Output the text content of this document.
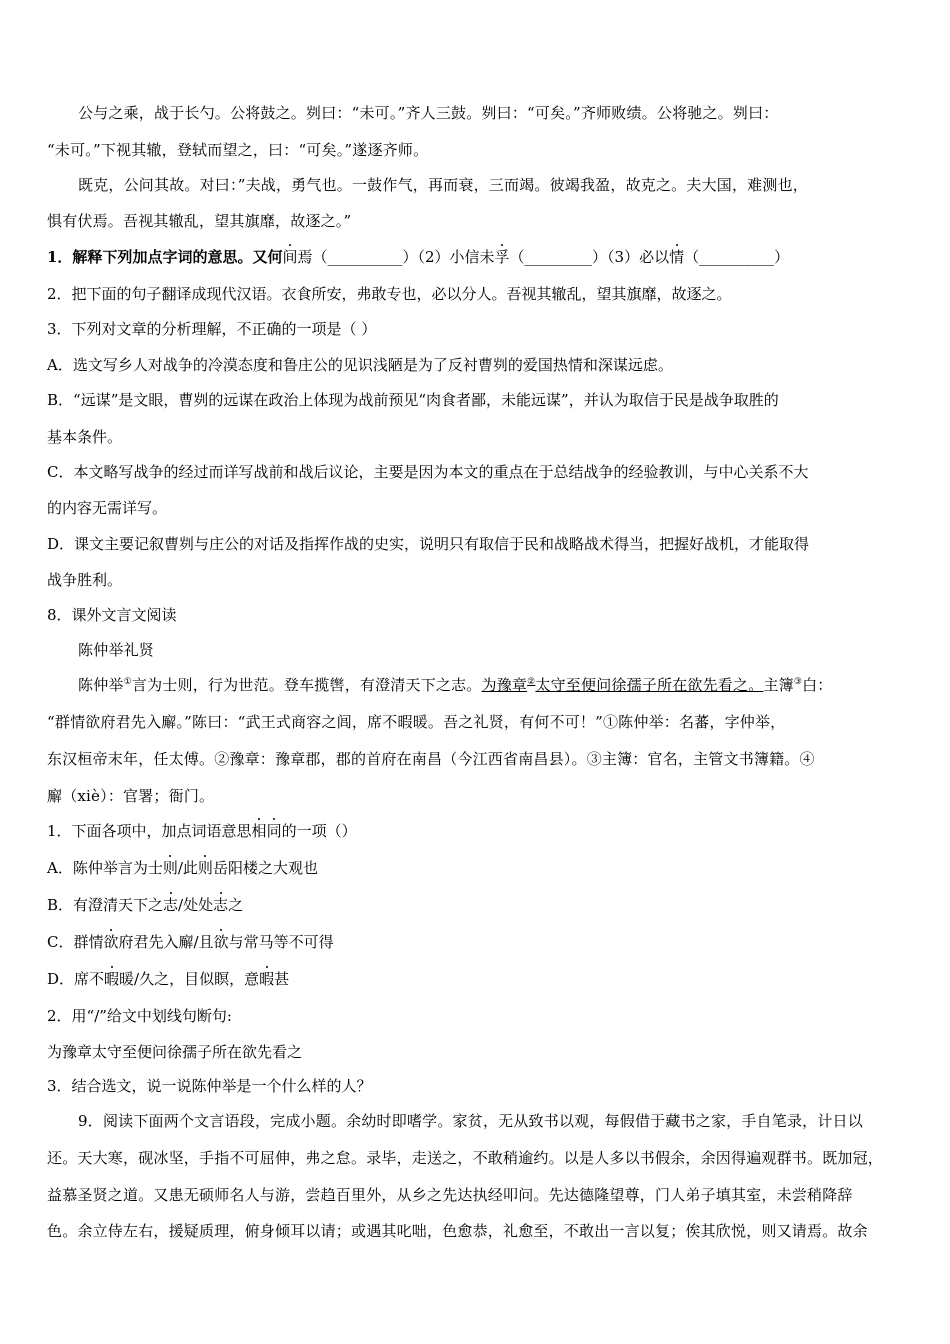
公与之乘，战于长勺。公将鼓之。刿曰：“未可。”齐人三鼓。刿曰：“可矣。”齐师败绩。公将驰之。刿曰：
“未可。”下视其辙，登轼而望之，曰：“可矣。”遂逐齐师。
既克，公问其故。对曰：”夫战，勇气也。一鼓作气，再而衰，三而竭。彼竭我盈，故克之。夫大国，难测也，
惧有伏焉。吾视其辙乱，望其旗靡，故逐之。”
1．解释下列加点字词的意思。又何间焉（__________）（2）小信未孚（_________）（3）必以情（__________）
2．把下面的句子翻译成现代汉语。衣食所安，弗敢专也，必以分人。吾视其辙乱，望其旗靡，故逐之。
3．下列对文章的分析理解，不正确的一项是（ ）
A．选文写乡人对战争的冷漠态度和鲁庄公的见识浅陋是为了反衬曹刿的爱国热情和深谋远虑。
B．“远谋”是文眼，曹刿的远谋在政治上体现为战前预见“肉食者鄙，未能远谋”，并认为取信于民是战争取胜的
基本条件。
C．本文略写战争的经过而详写战前和战后议论，主要是因为本文的重点在于总结战争的经验教训，与中心关系不大
的内容无需详写。
D．课文主要记叙曹刿与庄公的对话及指挥作战的史实，说明只有取信于民和战略战术得当，把握好战机，才能取得
战争胜利。
8．课外文言文阅读
陈仲举礼贤
陈仲举①言为士则，行为世范。登车揽辔，有澄清天下之志。为豫章②太守至便问徐孺子所在欲先看之。主簿③白：
“群情欲府君先入廨。”陈曰：“武王式商容之闾，席不暇暖。吾之礼贤，有何不可！”①陈仲举：名蕃，字仲举，
东汉桓帝末年，任太傅。②豫章：豫章郡，郡的首府在南昌（今江西省南昌县）。③主簿：官名，主管文书簿籍。④
廨（xiè）：官署；衙门。
1．下面各项中，加点词语意思相同的一项（）
A．陈仲举言为士则/此则岳阳楼之大观也
B．有澄清天下之志/处处志之
C．群情欲府君先入廨/且欲与常马等不可得
D．席不暇暖/久之，目似瞑，意暇甚
2．用“/”给文中划线句断句:
为豫章太守至便问徐孺子所在欲先看之
3．结合选文，说一说陈仲举是一个什么样的人？
9．阅读下面两个文言语段，完成小题。余幼时即嗜学。家贫，无从致书以观，每假借于藏书之家，手自笔录，计日以
还。天大寒，砚冰坚，手指不可屈伸，弗之怠。录毕，走送之，不敢稍逾约。以是人多以书假余，余因得遍观群书。既加冠，
益慕圣贤之道。又患无硕师名人与游，尝趋百里外，从乡之先达执经叩问。先达德隆望尊，门人弟子填其室，未尝稍降辞
色。余立侍左右，援疑质理，俯身倾耳以请；或遇其叱咄，色愈恭，礼愈至，不敢出一言以复；俟其欣悦，则又请焉。故余
